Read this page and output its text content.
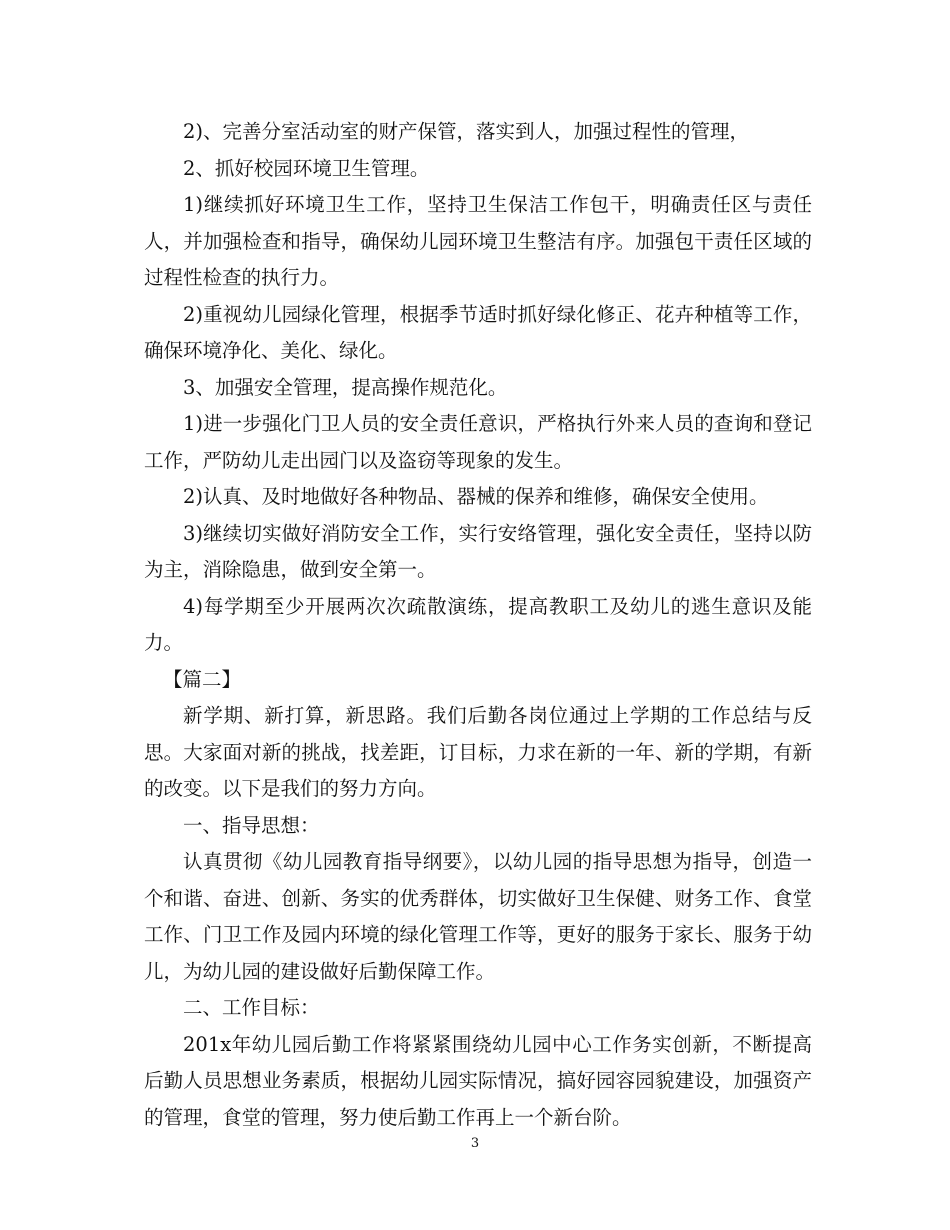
2)、完善分室活动室的财产保管，落实到人，加强过程性的管理，

2、抓好校园环境卫生管理。

1)继续抓好环境卫生工作，坚持卫生保洁工作包干，明确责任区与责任人，并加强检查和指导，确保幼儿园环境卫生整洁有序。加强包干责任区域的过程性检查的执行力。

2)重视幼儿园绿化管理，根据季节适时抓好绿化修正、花卉种植等工作，确保环境净化、美化、绿化。

3、加强安全管理，提高操作规范化。

1)进一步强化门卫人员的安全责任意识，严格执行外来人员的查询和登记工作，严防幼儿走出园门以及盗窃等现象的发生。

2)认真、及时地做好各种物品、器械的保养和维修，确保安全使用。

3)继续切实做好消防安全工作，实行安络管理，强化安全责任，坚持以防为主，消除隐患，做到安全第一。

4)每学期至少开展两次次疏散演练，提高教职工及幼儿的逃生意识及能力。

【篇二】

新学期、新打算，新思路。我们后勤各岗位通过上学期的工作总结与反思。大家面对新的挑战，找差距，订目标，力求在新的一年、新的学期，有新的改变。以下是我们的努力方向。

一、指导思想：

认真贯彻《幼儿园教育指导纲要》，以幼儿园的指导思想为指导，创造一个和谐、奋进、创新、务实的优秀群体，切实做好卫生保健、财务工作、食堂工作、门卫工作及园内环境的绿化管理工作等，更好的服务于家长、服务于幼儿，为幼儿园的建设做好后勤保障工作。

二、工作目标：

201x年幼儿园后勤工作将紧紧围绕幼儿园中心工作务实创新，不断提高后勤人员思想业务素质，根据幼儿园实际情况，搞好园容园貌建设，加强资产的管理，食堂的管理，努力使后勤工作再上一个新台阶。

3
